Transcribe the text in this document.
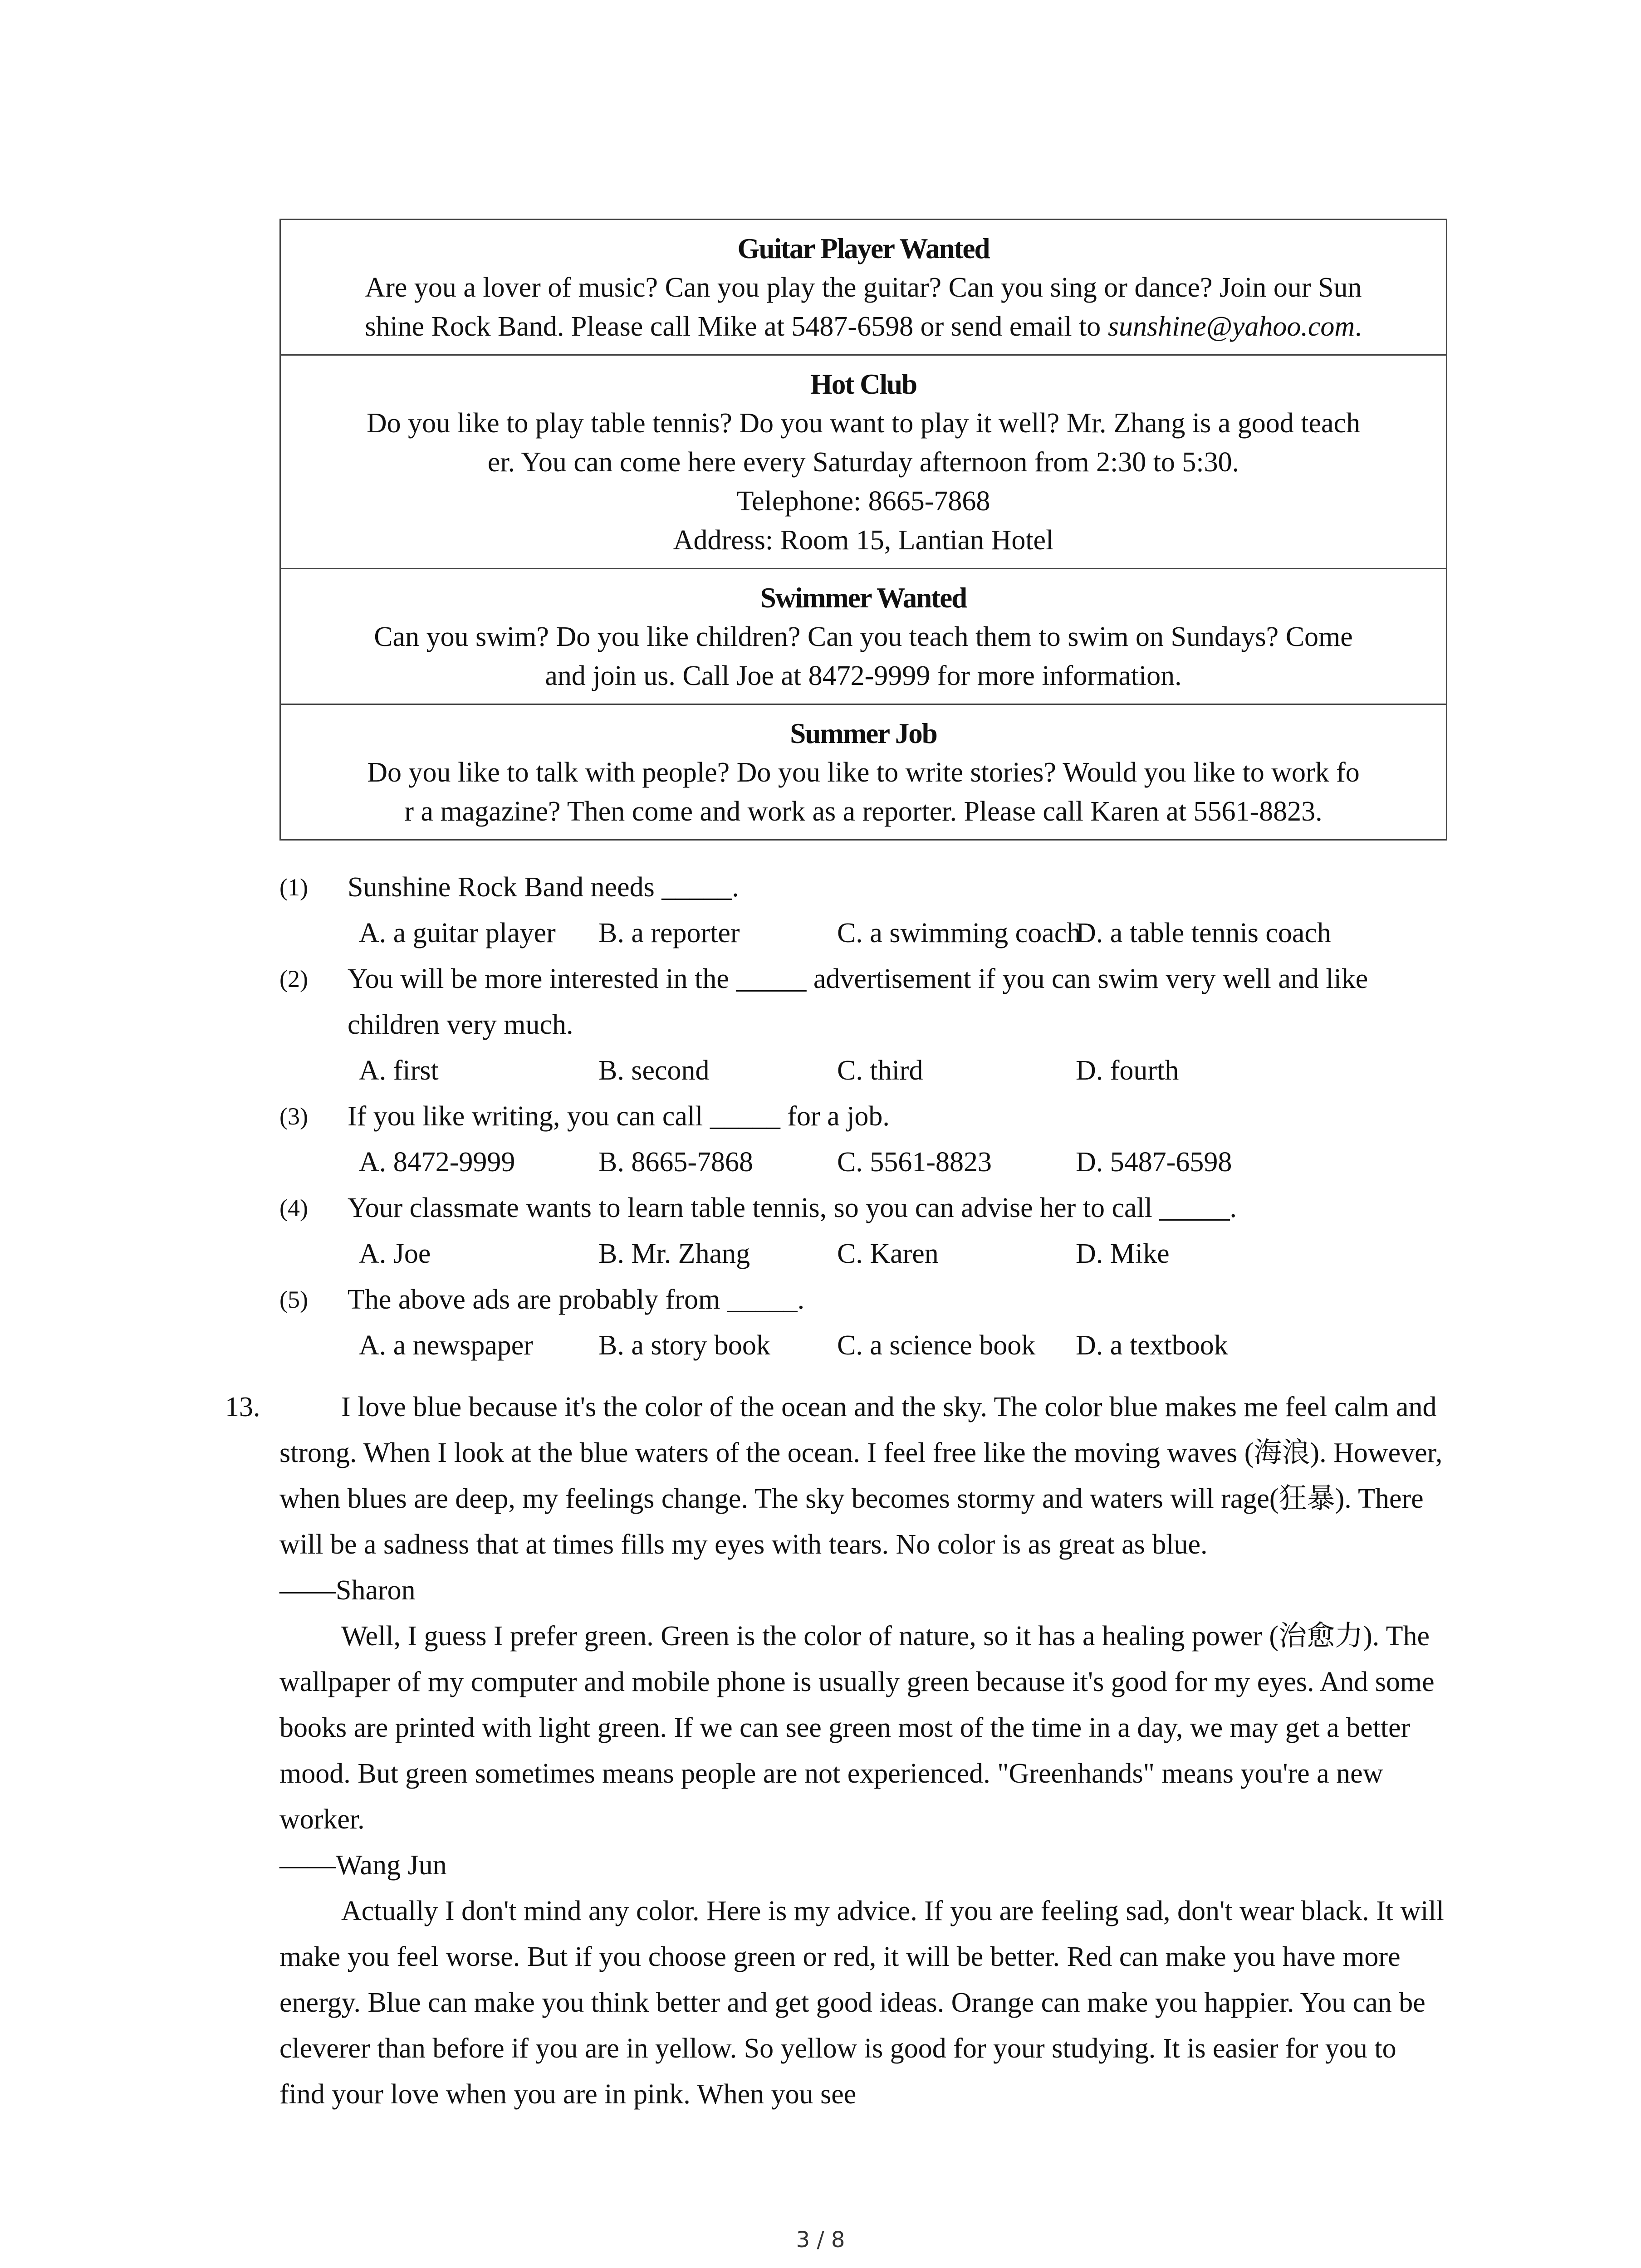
Guitar Player Wanted
Are you a lover of music? Can you play the guitar? Can you sing or dance? Join our Sun
shine Rock Band. Please call Mike at 5487-6598 or send email to sunshine@yahoo.com.
Hot Club
Do you like to play table tennis? Do you want to play it well? Mr. Zhang is a good teach
er. You can come here every Saturday afternoon from 2:30 to 5:30.
Telephone: 8665-7868
Address: Room 15, Lantian Hotel
Swimmer Wanted
Can you swim? Do you like children? Can you teach them to swim on Sundays? Come
and join us. Call Joe at 8472-9999 for more information.
Summer Job
Do you like to talk with people? Do you like to write stories? Would you like to work fo
r a magazine? Then come and work as a reporter. Please call Karen at 5561-8823.
(1)	Sunshine Rock Band needs _____.
A. a guitar player B. a reporter	C. a swimming coach
D. a table tennis coach
(2)	You will be more interested in the _____ advertisement if you can swim very well and like children very much.
A. first	B. second	C. third	D. fourth
(3)	If you like writing, you can call _____ for a job.
A. 8472-9999	B. 8665-7868	C. 5561-8823	D. 5487-6598
(4)	Your classmate wants to learn table tennis, so you can advise her to call _____.
A. Joe	B. Mr. Zhang	C. Karen	D. Mike
(5)	The above ads are probably from _____.
A. a newspaper B. a story book C. a science book D. a textbook
13.	I love blue because it's the color of the ocean and the sky. The color blue makes me feel calm and strong. When I look at the blue waters of the ocean. I feel free like the moving waves (海浪). However, when blues are deep, my feelings change. The sky becomes stormy and waters will rage(狂暴). There will be a sadness that at times fills my eyes with tears. No color is as great as blue.

——Sharon

Well, I guess I prefer green. Green is the color of nature, so it has a healing power (治愈力). The wallpaper of my computer and mobile phone is usually green because it's good for my eyes. And some books are printed with light green. If we can see green most of the time in a day, we may get a better mood. But green sometimes means people are not experienced. "Greenhands" means you're a new worker.

——Wang Jun

Actually I don't mind any color. Here is my advice. If you are feeling sad, don't wear black. It will make you feel worse. But if you choose green or red, it will be better. Red can make you have more energy. Blue can make you think better and get good ideas. Orange can make you happier. You can be cleverer than before if you are in yellow. So yellow is good for your studying. It is easier for you to find your love when you are in pink. When you see

3 / 8
